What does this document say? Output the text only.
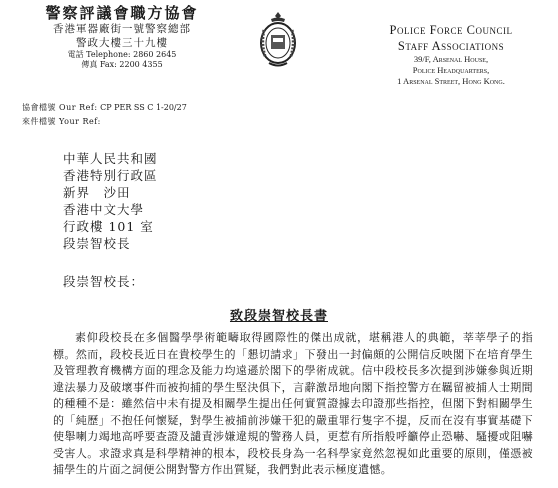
警察評議會職方協會
香港軍器廠街一號警察總部
警政大樓三十九樓
電話 Telephone: 2860 2645
傳真 Fax: 2200 4355
Police Force Council
Staff Associations
39/F, Arsenal House,
Police Headquarters,
1 Arsenal Street, Hong Kong.
協會檔號 Our Ref: CP PER SS C 1-20/27
來件檔號 Your Ref:
中華人民共和國
香港特別行政區
新界　沙田
香港中文大學
行政樓 101 室
段崇智校長
段崇智校長：
致段崇智校長書

素仰段校長在多個醫學學術範疇取得國際性的傑出成就，堪稱港人的典範，莘莘學子的指標。然而，段校長近日在貴校學生的「懇切請求」下發出一封偏頗的公開信反映閣下在培育學生及管理教育機構方面的理念及能力均遠遜於閣下的學術成就。信中段校長多次提到涉嫌參與近期違法暴力及破壞事件而被拘捕的學生堅決俱下，言辭激昂地向閣下指控警方在羈留被捕人士期間的種種不是：雖然信中未有提及相關學生提出任何實質證據去印證那些指控，但閣下對相關學生的「純歷」不抱任何懷疑，對學生被捕前涉嫌干犯的嚴重罪行隻字不提，反而在沒有事實基礎下使舉喇力竭地高呼要查證及譴責涉嫌違規的警務人員，更惹有所指般呼籲停止恐嚇、騷擾或阻嚇受害人。求證求真是科學精神的根本，段校長身為一名科學家竟然忽視如此重要的原則，僅憑被捕學生的片面之詞便公開對警方作出質疑，我們對此表示極度遺憾。
